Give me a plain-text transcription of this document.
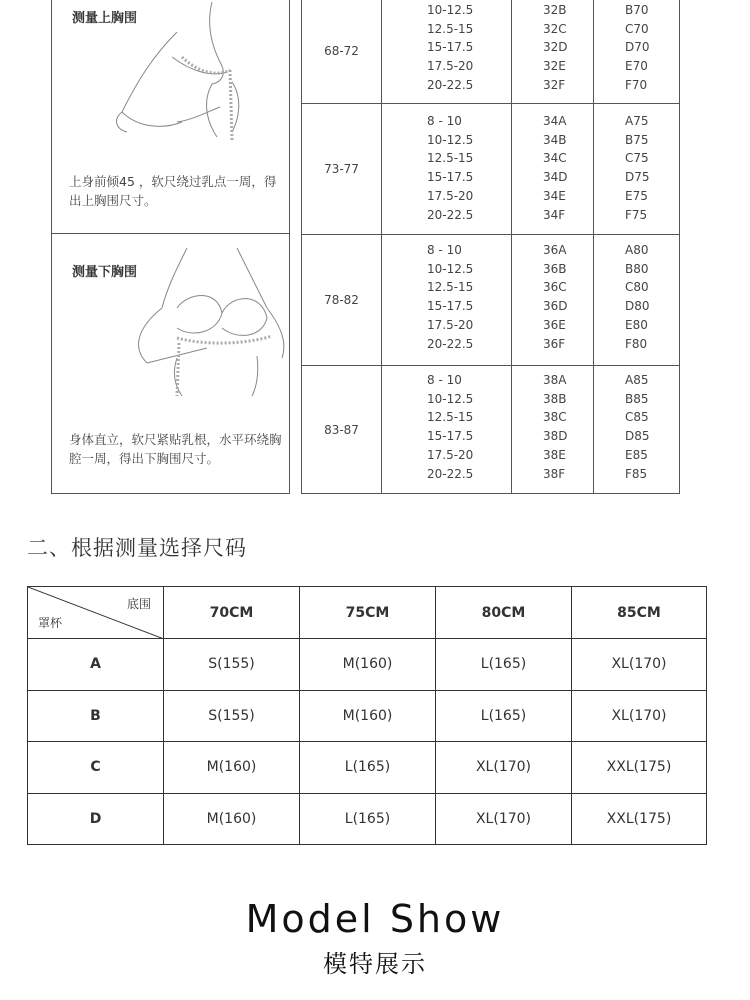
测量上胸围
上身前倾45 ，软尺绕过乳点一周，得出上胸围尺寸。
测量下胸围
身体直立，软尺紧贴乳根，水平环绕胸腔一周，得出下胸围尺寸。
68-72
10-12.5	32B	B70
12.5-15	32C	C70
15-17.5	32D	D70
17.5-20	32E	E70
20-22.5	32F	F70
73-77
8 - 10	34A	A75
10-12.5	34B	B75
12.5-15	34C	C75
15-17.5	34D	D75
17.5-20	34E	E75
20-22.5	34F	F75
78-82
8 - 10	36A	A80
10-12.5	36B	B80
12.5-15	36C	C80
15-17.5	36D	D80
17.5-20	36E	E80
20-22.5	36F	F80
83-87
8 - 10	38A	A85
10-12.5	38B	B85
12.5-15	38C	C85
15-17.5	38D	D85
17.5-20	38E	E85
20-22.5	38F	F85
二、根据测量选择尺码
底围
罩杯	70CM	75CM	80CM	85CM
A	S(155)	M(160)	L(165)	XL(170)
B	S(155)	M(160)	L(165)	XL(170)
C	M(160)	L(165)	XL(170)	XXL(175)
D	M(160)	L(165)	XL(170)	XXL(175)
Model Show
模特展示
